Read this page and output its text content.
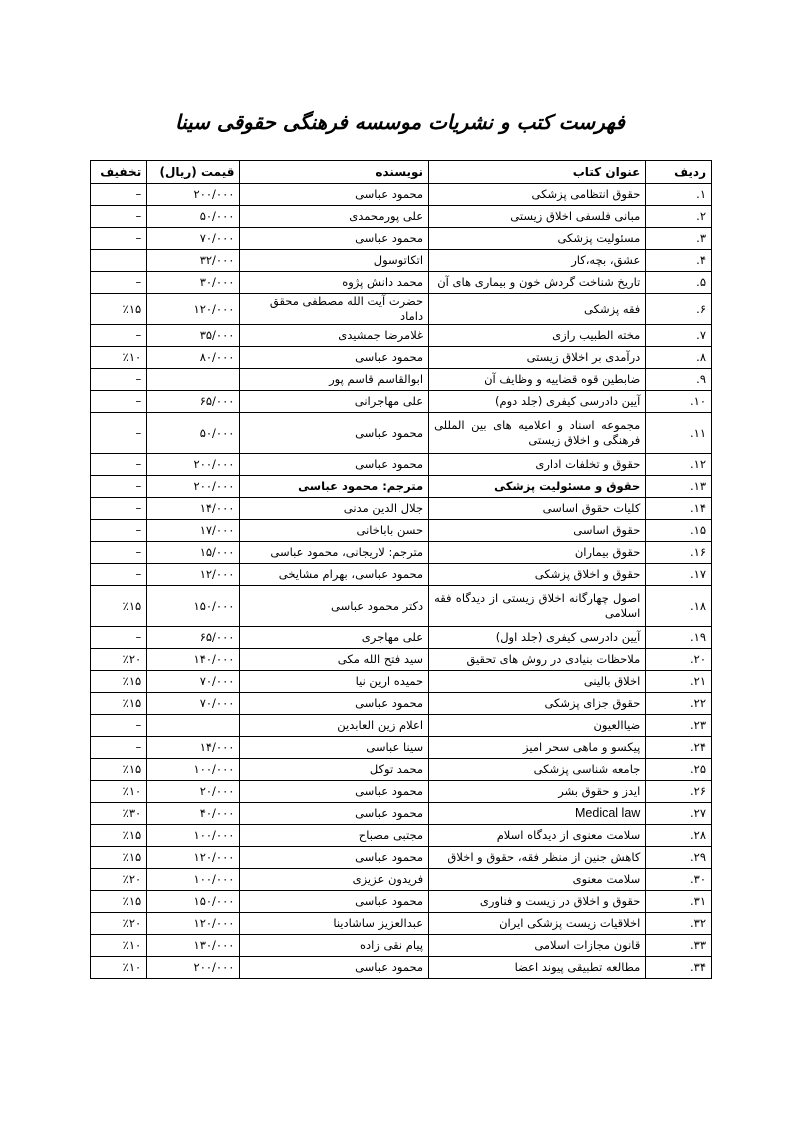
فهرست کتب و نشریات موسسه فرهنگی حقوقی سینا
ردیف	عنوان کتاب	نویسنده	قیمت (ریال)	تخفیف
۱.	حقوق انتظامی پزشکی	محمود عباسی	۲۰۰/۰۰۰	–
۲.	مبانی فلسفی اخلاق زیستی	علی پورمحمدی	۵۰/۰۰۰	–
۳.	مسئولیت پزشکی	محمود عباسی	۷۰/۰۰۰	–
۴.	عشق، بچه،کار	اتکاتوسول	۳۲/۰۰۰	
۵.	تاریخ شناخت گردش خون و بیماری های آن	محمد دانش پژوه	۳۰/۰۰۰	–
۶.	فقه پزشکی	حضرت آیت الله مصطفی محقق داماد	۱۲۰/۰۰۰	٪۱۵
۷.	مخته الطبیب رازی	غلامرضا جمشیدی	۳۵/۰۰۰	–
۸.	درآمدی بر اخلاق زیستی	محمود عباسی	۸۰/۰۰۰	٪۱۰
۹.	ضابطین قوه قضاییه و وظایف آن	ابوالقاسم قاسم پور		–
۱۰.	آیین دادرسی کیفری (جلد دوم)	علی مهاجرانی	۶۵/۰۰۰	–
۱۱.	مجموعه اسناد و اعلامیه های بین المللی فرهنگی و اخلاق زیستی	محمود عباسی	۵۰/۰۰۰	–
۱۲.	حقوق و تخلفات اداری	محمود عباسی	۲۰۰/۰۰۰	–
۱۳.	حقوق و مسئولیت پزشکی	مترجم: محمود عباسی	۲۰۰/۰۰۰	–
۱۴.	کلیات حقوق اساسی	جلال الدین مدنی	۱۴/۰۰۰	–
۱۵.	حقوق اساسی	حسن باباخانی	۱۷/۰۰۰	–
۱۶.	حقوق بیماران	مترجم: لاریجانی، محمود عباسی	۱۵/۰۰۰	–
۱۷.	حقوق و اخلاق پزشکی	محمود عباسی، بهرام مشایخی	۱۲/۰۰۰	–
۱۸.	اصول چهارگانه اخلاق زیستی از دیدگاه فقه اسلامی	دکتر محمود عباسی	۱۵۰/۰۰۰	٪۱۵
۱۹.	آیین دادرسی کیفری (جلد اول)	علی مهاجری	۶۵/۰۰۰	–
۲۰.	ملاحظات بنیادی در روش های تحقیق	سید فتح الله مکی	۱۴۰/۰۰۰	٪۲۰
۲۱.	اخلاق بالینی	حمیده ارین نیا	۷۰/۰۰۰	٪۱۵
۲۲.	حقوق جزای پزشکی	محمود عباسی	۷۰/۰۰۰	٪۱۵
۲۳.	ضیاالعیون	اعلام زین العابدین		–
۲۴.	پیکسو و ماهی سحر امیز	سینا عباسی	۱۴/۰۰۰	–
۲۵.	جامعه شناسی پزشکی	محمد توکل	۱۰۰/۰۰۰	٪۱۵
۲۶.	ایدز و حقوق بشر	محمود عباسی	۲۰/۰۰۰	٪۱۰
۲۷.	Medical law	محمود عباسی	۴۰/۰۰۰	٪۳۰
۲۸.	سلامت معنوی از دیدگاه اسلام	مجتبی مصباح	۱۰۰/۰۰۰	٪۱۵
۲۹.	کاهش جنین از منظر فقه، حقوق و اخلاق	محمود عباسی	۱۲۰/۰۰۰	٪۱۵
۳۰.	سلامت معنوی	فریدون عزیزی	۱۰۰/۰۰۰	٪۲۰
۳۱.	حقوق و اخلاق در زیست و فناوری	محمود عباسی	۱۵۰/۰۰۰	٪۱۵
۳۲.	اخلاقیات زیست پزشکی ایران	عبدالعزیز ساشادینا	۱۲۰/۰۰۰	٪۲۰
۳۳.	قانون مجازات اسلامی	پیام نقی زاده	۱۳۰/۰۰۰	٪۱۰
۳۴.	مطالعه تطبیقی پیوند اعضا	محمود عباسی	۲۰۰/۰۰۰	٪۱۰
